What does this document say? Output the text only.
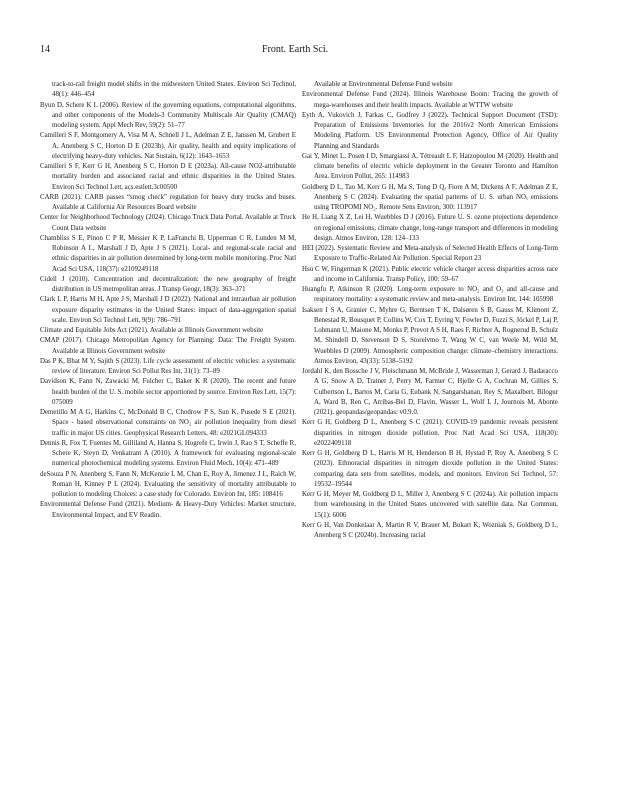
14	Front. Earth Sci.

track-to-rail freight model shifts in the midwestern United States. Environ Sci Technol, 48(1): 446–454

Byun D, Schere K L (2006). Review of the governing equations, computational algorithms, and other components of the Models-3 Community Multiscale Air Quality (CMAQ) modeling system. Appl Mech Rev, 59(2): 51–77

Camilleri S F, Montgomery A, Visa M A, Schnell J L, Adelman Z E, Janssen M, Grubert E A, Anenberg S C, Horton D E (2023b). Air quality, health and equity implications of electrifying heavy-duty vehicles. Nat Sustain, 6(12): 1643–1653

Camilleri S F, Kerr G H, Anenberg S C, Horton D E (2023a). All-cause NO2-attributable mortality burden and associated racial and ethnic disparities in the United States. Environ Sci Technol Lett, acs.estlett.3c00500

CARB (2021). CARB passes “smog check” regulation for heavy duty trucks and buses. Available at California Air Resources Board website

Center for Neighborhood Technology (2024). Chicago Truck Data Portal. Available at Truck Count Data website

Chambliss S E, Pinon C P R, Messier K P, LaFranchi B, Upperman C R, Lunden M M, Robinson A L, Marshall J D, Apte J S (2021). Local- and regional-scale racial and ethnic disparities in air pollution determined by long-term mobile monitoring. Proc Natl Acad Sci USA, 118(37): e2109249118

Cidell J (2010). Concentration and decentralization: the new geography of freight distribution in US metropolitan areas. J Transp Geogr, 18(3): 363–371

Clark L P, Harris M H, Apte J S, Marshall J D (2022). National and intraurban air pollution exposure disparity estimates in the United States: impact of data-aggregation spatial scale. Environ Sci Technol Lett, 9(9): 786–791

Climate and Equitable Jobs Act (2021). Available at Illinois Government website

CMAP (2017). Chicago Metropolitan Agency for Planning: Data: The Freight System. Available at Illinois Government website

Das P K, Bhat M Y, Sajith S (2023). Life cycle assessment of electric vehicles: a systematic review of literature. Environ Sci Pollut Res Int, 31(1): 73–89

Davidson K, Fann N, Zawacki M, Fulcher C, Baker K R (2020). The recent and future health burden of the U. S. mobile sector apportioned by source. Environ Res Lett, 15(7): 075009

Demetillo M A G, Harkins C, McDonald B C, Chodrow P S, Sun K, Pusede S E (2021). Space - based observational constraints on NO₂ air pollution inequality from diesel traffic in major US cities. Geophysical Research Letters, 48: e2021GL094333

Dennis R, Fox T, Fuentes M, Gilliland A, Hanna S, Hogrefe C, Irwin J, Rao S T, Scheffe R, Schere K, Steyn D, Venkatram A (2010). A framework for evaluating regional-scale numerical photochemical modeling systems. Environ Fluid Mech, 10(4): 471–489

deSouza P N, Anenberg S, Fann N, McKenzie L M, Chan E, Roy A, Jimenez J L, Raich W, Roman H, Kinney P L (2024). Evaluating the sensitivity of mortality attributable to pollution to modeling Choices: a case study for Colorado. Environ Int, 185: 108416

Environmental Defense Fund (2021). Medium- & Heavy-Duty Vehicles: Market structure, Environmental Impact, and EV Readin.

Available at Environmental Defense Fund website

Environmental Defense Fund (2024). Illinois Warehouse Boom: Tracing the growth of mega-warehouses and their health impacts. Available at WTTW website

Eyth A, Vukovich J, Farkas C, Godfrey J (2022). Technical Support Document (TSD): Preparation of Emissions Inventories for the 2016v2 North American Emissions Modeling Platform. US Environmental Protection Agency, Office of Air Quality Planning and Standards

Gai Y, Minet L, Posen I D, Smargiassi A, Tétreault L F, Hatzopoulou M (2020). Health and climate benefits of electric vehicle deployment in the Greater Toronto and Hamilton Area. Environ Pollut, 265: 114983

Goldberg D L, Tao M, Kerr G H, Ma S, Tong D Q, Fiore A M, Dickens A F, Adelman Z E, Anenberg S C (2024). Evaluating the spatial patterns of U. S. urban NOₓ emissions using TROPOMI NO₂. Remote Sens Environ, 300: 113917

He H, Liang X Z, Lei H, Wuebbles D J (2016). Future U. S. ozone projections dependence on regional emissions, climate change, long-range transport and differences in modeling design. Atmos Environ, 128: 124–133

HEI (2022). Systematic Review and Meta-analysis of Selected Health Effects of Long-Term Exposure to Traffic-Related Air Pollution. Special Report 23

Hsu C W, Fingerman K (2021). Public electric vehicle charger access disparities across race and income in California. Transp Policy, 100: 59–67

Huangfu P, Atkinson R (2020). Long-term exposure to NO₂ and O₃ and all-cause and respiratory mortality: a systematic review and meta-analysis. Environ Int, 144: 105998

Isaksen I S A, Granier C, Myhre G, Berntsen T K, Dalsøren S B, Gauss M, Klimont Z, Benestad R, Bousquet P, Collins W, Cox T, Eyring V, Fowler D, Fuzzi S, Jöckel P, Laj P, Lohmann U, Maione M, Monks P, Prevot A S H, Raes F, Richter A, Rognerud B, Schulz M, Shindell D, Stevenson D S, Storelvmo T, Wang W C, van Weele M, Wild M, Wuebbles D (2009). Atmospheric composition change: climate–chemistry interactions. Atmos Environ, 43(33): 5138–5192

Jordahl K, den Bossche J V, Fleischmann M, McBride J, Wasserman J, Gerard J, Badaracco A G, Snow A D, Tratner J, Perry M, Farmer C, Hjelle G A, Cochran M, Gillies S, Culbertson L, Bartos M, Caria G, Eubank N, Sangarshanan, Rey S, Maxalbert, Bilogur A, Ward B, Ren C, Arribas-Bel D, Flavin, Wasser L, Wolf L J, Journois M, Abonte (2021). geopandas/geopandas: v0.9.0.

Kerr G H, Goldberg D L, Anenberg S C (2021). COVID-19 pandemic reveals persistent disparities in nitrogen dioxide pollution. Proc Natl Acad Sci USA, 118(30): e2022409118

Kerr G H, Goldberg D L, Harris M H, Henderson B H, Hystad P, Roy A, Anenberg S C (2023). Ethnoracial disparities in nitrogen dioxide pollution in the United States: comparing data sets from satellites, models, and monitors. Environ Sci Technol, 57: 19532–19544

Kerr G H, Meyer M, Goldberg D L, Miller J, Anenberg S C (2024a). Air pollution impacts from warehousing in the United States uncovered with satellite data. Nat Commun, 15(1): 6006

Kerr G H, Van Donkelaar A, Martin R V, Brauer M, Bukart K, Wozniak S, Goldberg D L, Anenberg S C (2024b). Increasing racial
